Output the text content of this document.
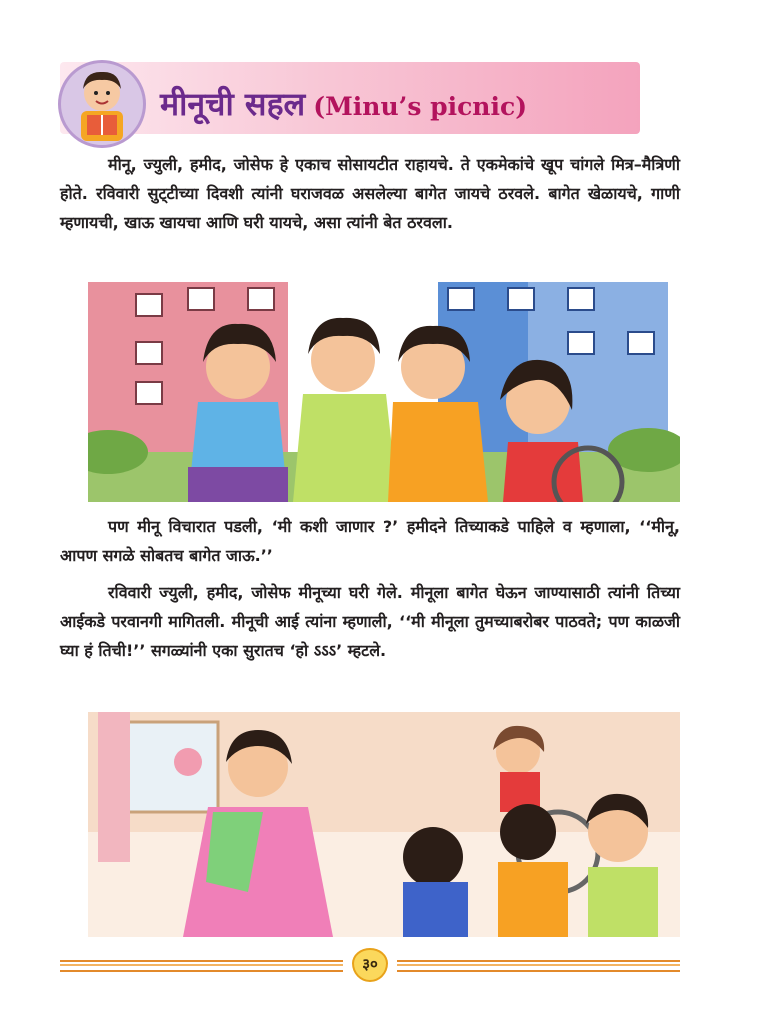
मीनूची सहल (Minu’s picnic)

मीनू, ज्युली, हमीद, जोसेफ हे एकाच सोसायटीत राहायचे. ते एकमेकांचे खूप चांगले मित्र–मैत्रिणी होते. रविवारी सुट्‌टीच्या दिवशी त्यांनी घराजवळ असलेल्या बागेत जायचे ठरवले. बागेत खेळायचे, गाणी म्हणायची, खाऊ खायचा आणि घरी यायचे, असा त्यांनी बेत ठरवला.

पण मीनू विचारात पडली, ‘मी कशी जाणार ?’ हमीदने तिच्याकडे पाहिले व म्हणाला, ‘‘मीनू, आपण सगळे सोबतच बागेत जाऊ.’’

रविवारी ज्युली, हमीद, जोसेफ मीनूच्या घरी गेले. मीनूला बागेत घेऊन जाण्यासाठी त्यांनी तिच्या आईकडे परवानगी मागितली. मीनूची आई त्यांना म्हणाली, ‘‘मी मीनूला तुमच्याबरोबर पाठवते; पण काळजी घ्या हं तिची!’’ सगळ्यांनी एका सुरातच ‘हो ऽऽऽ’ म्हटले.

३०
